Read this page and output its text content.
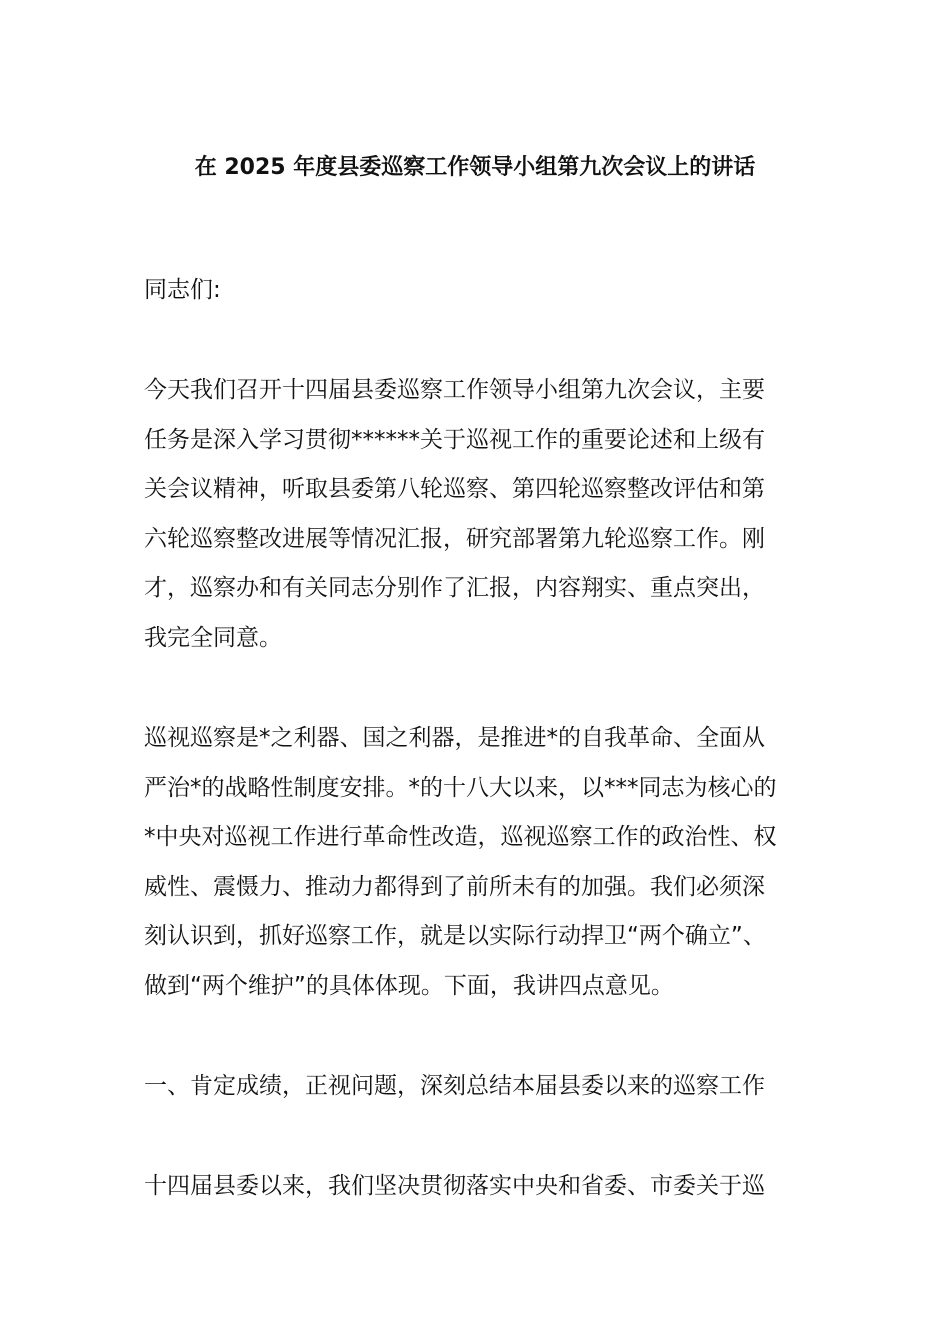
在 2025 年度县委巡察工作领导小组第九次会议上的讲话

同志们:

今天我们召开十四届县委巡察工作领导小组第九次会议，主要
任务是深入学习贯彻******关于巡视工作的重要论述和上级有
关会议精神，听取县委第八轮巡察、第四轮巡察整改评估和第
六轮巡察整改进展等情况汇报，研究部署第九轮巡察工作。刚
才，巡察办和有关同志分别作了汇报，内容翔实、重点突出，
我完全同意。

巡视巡察是*之利器、国之利器，是推进*的自我革命、全面从
严治*的战略性制度安排。*的十八大以来，以***同志为核心的
*中央对巡视工作进行革命性改造，巡视巡察工作的政治性、权
威性、震慑力、推动力都得到了前所未有的加强。我们必须深
刻认识到，抓好巡察工作，就是以实际行动捍卫“两个确立”、
做到“两个维护”的具体体现。下面，我讲四点意见。

一、肯定成绩，正视问题，深刻总结本届县委以来的巡察工作

十四届县委以来，我们坚决贯彻落实中央和省委、市委关于巡
